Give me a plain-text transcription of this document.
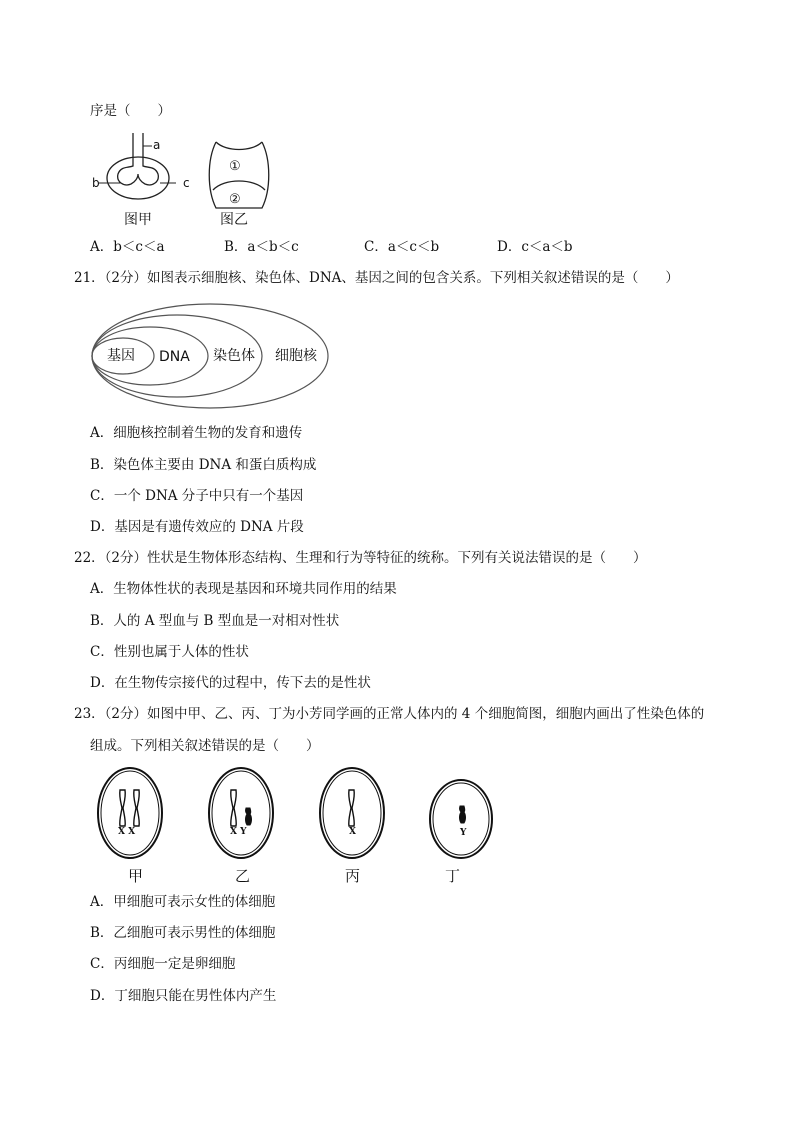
序是（　　）
a
b	c
图甲
①
②
图乙
A．b＜c＜a	B．a＜b＜c	C．a＜c＜b	D．c＜a＜b
21．（2分）如图表示细胞核、染色体、DNA、基因之间的包含关系。下列相关叙述错误的是（　　）
基因 DNA 染色体 细胞核
A．细胞核控制着生物的发育和遗传
B．染色体主要由 DNA 和蛋白质构成
C．一个 DNA 分子中只有一个基因
D．基因是有遗传效应的 DNA 片段
22．（2分）性状是生物体形态结构、生理和行为等特征的统称。下列有关说法错误的是（　　）
A．生物体性状的表现是基因和环境共同作用的结果
B．人的 A 型血与 B 型血是一对相对性状
C．性别也属于人体的性状
D．在生物传宗接代的过程中，传下去的是性状
23．（2分）如图中甲、乙、丙、丁为小芳同学画的正常人体内的 4 个细胞简图，细胞内画出了性染色体的
组成。下列相关叙述错误的是（　　）
X X	X Y	X	Y
甲	乙	丙	丁
A．甲细胞可表示女性的体细胞
B．乙细胞可表示男性的体细胞
C．丙细胞一定是卵细胞
D．丁细胞只能在男性体内产生
